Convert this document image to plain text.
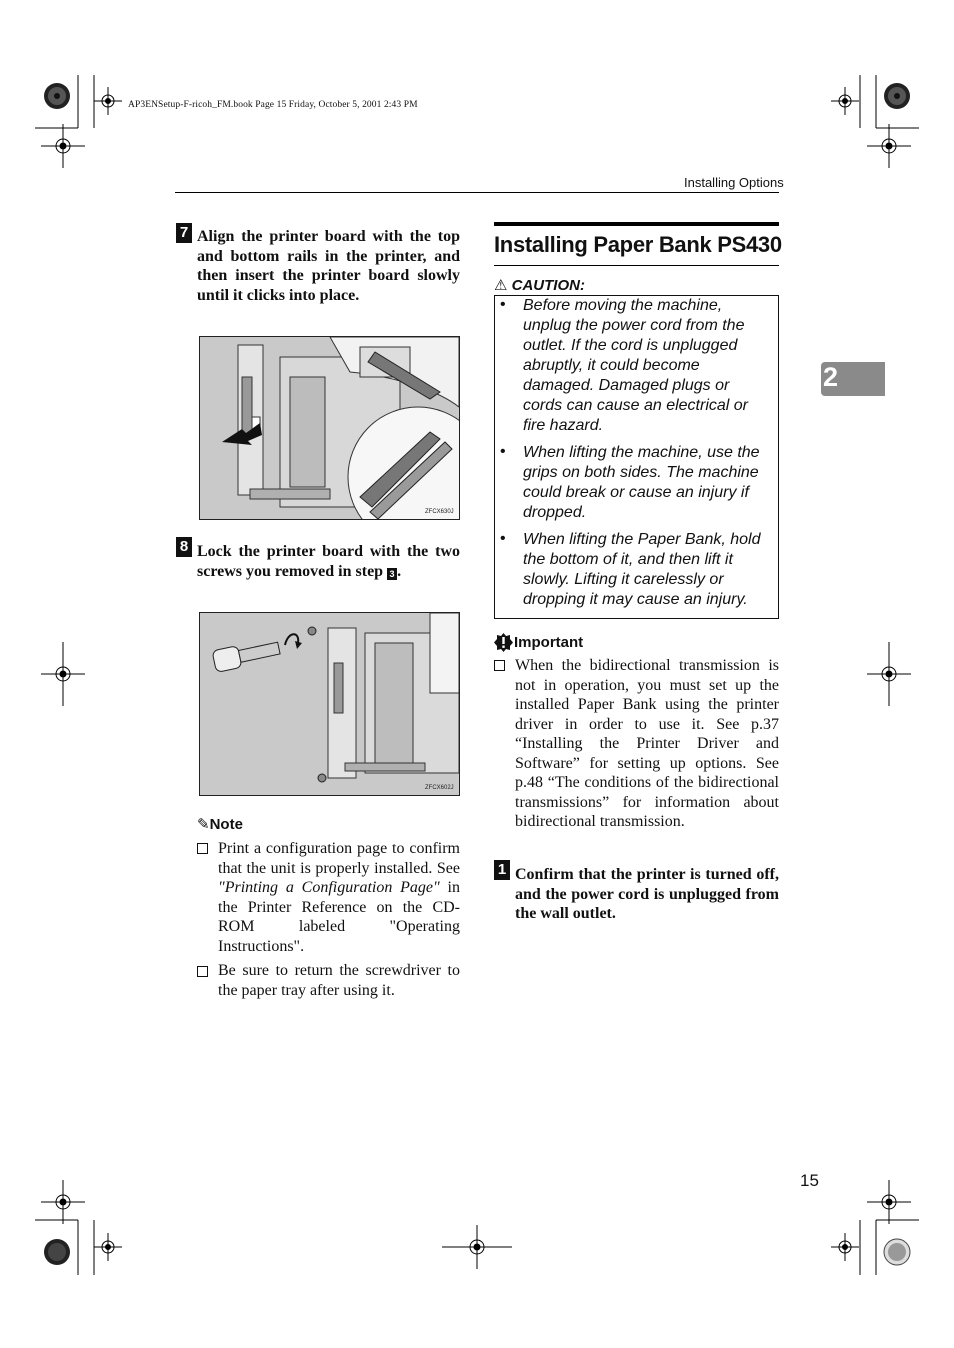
AP3ENSetup-F-ricoh_FM.book Page 15 Friday, October 5, 2001 2:43 PM
Installing Options
2
7 Align the printer board with the top and bottom rails in the printer, and then insert the printer board slowly until it clicks into place.
ZFCX630J
8 Lock the printer board with the two screws you removed in step 3 .
ZFCX602J
✎Note
Print a configuration page to confirm that the unit is properly installed. See "Printing a Configuration Page" in the Printer Reference on the CD-ROM labeled "Operating Instructions".
Be sure to return the screwdriver to the paper tray after using it.
Installing Paper Bank PS430
⚠ CAUTION:
• Before moving the machine, unplug the power cord from the outlet. If the cord is unplugged abruptly, it could become damaged. Damaged plugs or cords can cause an electrical or fire hazard.
• When lifting the machine, use the grips on both sides. The machine could break or cause an injury if dropped.
• When lifting the Paper Bank, hold the bottom of it, and then lift it slowly. Lifting it carelessly or dropping it may cause an injury.
Important
When the bidirectional transmission is not in operation, you must set up the installed Paper Bank using the printer driver in order to use it. See p.37 “Installing the Printer Driver and Software” for setting up options. See p.48 “The conditions of the bidirectional transmissions” for information about bidirectional transmission.
1 Confirm that the printer is turned off, and the power cord is unplugged from the wall outlet.
15
